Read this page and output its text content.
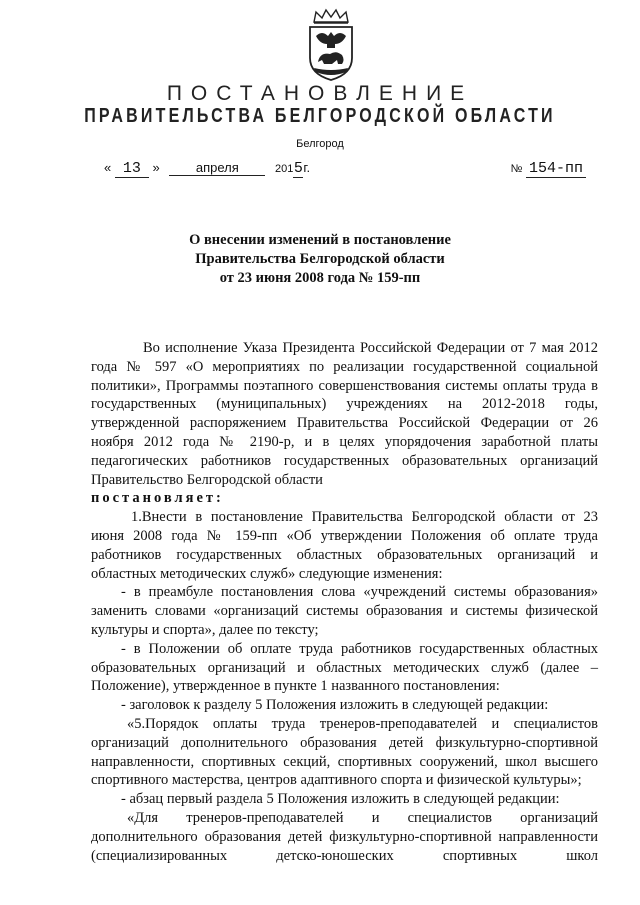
ПОСТАНОВЛЕНИЕ
ПРАВИТЕЛЬСТВА БЕЛГОРОДСКОЙ ОБЛАСТИ
Белгород
« 13 »	апреля	2015г.	№ 154-пп
О внесении изменений в постановление
Правительства Белгородской области
от 23 июня 2008 года № 159-пп

Во исполнение Указа Президента Российской Федерации от 7 мая 2012 года № 597 «О мероприятиях по реализации государственной социальной политики», Программы поэтапного совершенствования системы оплаты труда в государственных (муниципальных) учреждениях на 2012-2018 годы, утвержденной распоряжением Правительства Российской Федерации от 26 ноября 2012 года № 2190-р, и в целях упорядочения заработной платы педагогических работников государственных образовательных организаций Правительство Белгородской области

постановляет:

1.Внести в постановление Правительства Белгородской области от 23 июня 2008 года № 159-пп «Об утверждении Положения об оплате труда работников государственных областных образовательных организаций и областных методических служб» следующие изменения:

- в преамбуле постановления слова «учреждений системы образования» заменить словами «организаций системы образования и системы физической культуры и спорта», далее по тексту;

- в Положении об оплате труда работников государственных областных образовательных организаций и областных методических служб (далее – Положение), утвержденное в пункте 1 названного постановления:

- заголовок к разделу 5 Положения изложить в следующей редакции:

«5.Порядок оплаты труда тренеров-преподавателей и специалистов организаций дополнительного образования детей физкультурно-спортивной направленности, спортивных секций, спортивных сооружений, школ высшего спортивного мастерства, центров адаптивного спорта и физической культуры»;

- абзац первый раздела 5 Положения изложить в следующей редакции:

«Для тренеров-преподавателей и специалистов организаций дополнительного образования детей физкультурно-спортивной направленности (специализированных детско-юношеских спортивных школ
